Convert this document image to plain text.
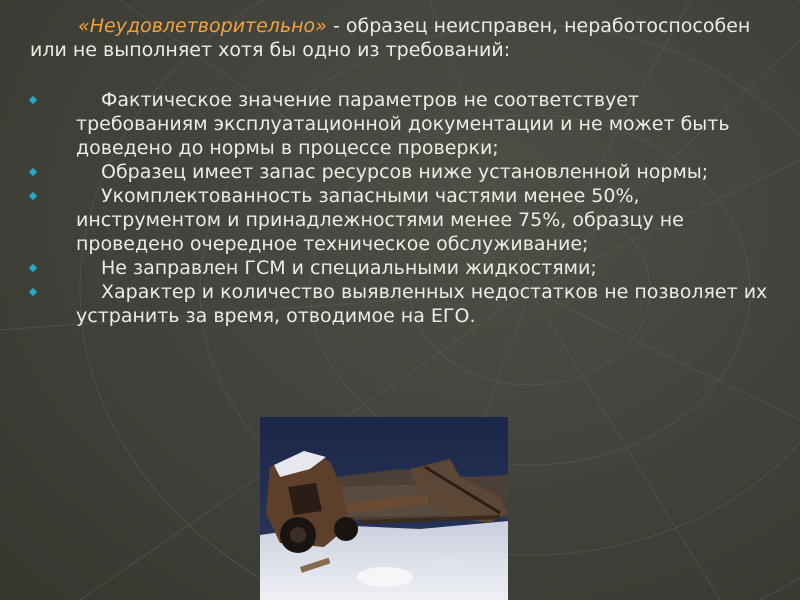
«Неудовлетворительно» - образец неисправен, неработоспособен или не выполняет хотя бы одно из требований:

Фактическое значение параметров не соответствует требованиям эксплуатационной документации и не может быть доведено до нормы в процессе проверки;
Образец имеет запас ресурсов ниже установленной нормы;
Укомплектованность запасными частями менее 50%, инструментом и принадлежностями менее 75%, образцу не проведено очередное техническое обслуживание;
Не заправлен ГСМ и специальными жидкостями;
Характер и количество выявленных недостатков не позволяет их устранить за время, отводимое на ЕГО.
